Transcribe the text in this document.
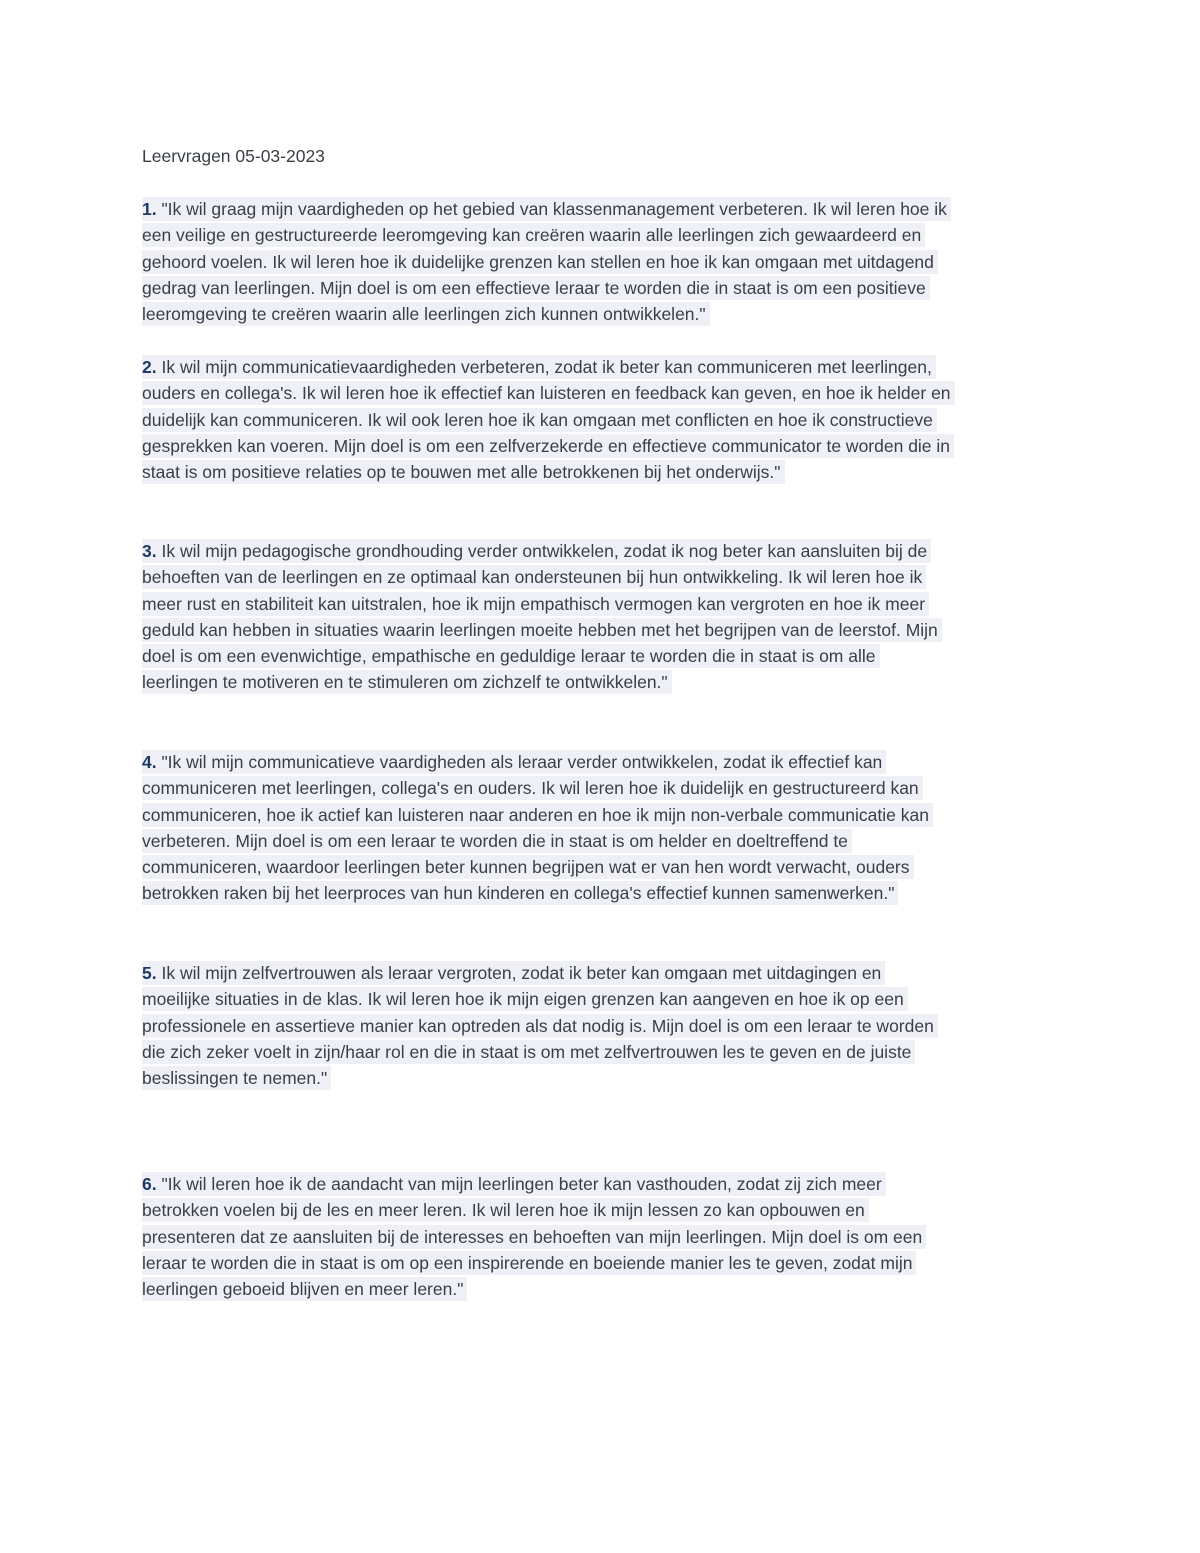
Leervragen 05-03-2023
1. "Ik wil graag mijn vaardigheden op het gebied van klassenmanagement verbeteren. Ik wil leren hoe ik
een veilige en gestructureerde leeromgeving kan creëren waarin alle leerlingen zich gewaardeerd en
gehoord voelen. Ik wil leren hoe ik duidelijke grenzen kan stellen en hoe ik kan omgaan met uitdagend
gedrag van leerlingen. Mijn doel is om een effectieve leraar te worden die in staat is om een positieve
leeromgeving te creëren waarin alle leerlingen zich kunnen ontwikkelen."
2. Ik wil mijn communicatievaardigheden verbeteren, zodat ik beter kan communiceren met leerlingen,
ouders en collega's. Ik wil leren hoe ik effectief kan luisteren en feedback kan geven, en hoe ik helder en
duidelijk kan communiceren. Ik wil ook leren hoe ik kan omgaan met conflicten en hoe ik constructieve
gesprekken kan voeren. Mijn doel is om een zelfverzekerde en effectieve communicator te worden die in
staat is om positieve relaties op te bouwen met alle betrokkenen bij het onderwijs."
3. Ik wil mijn pedagogische grondhouding verder ontwikkelen, zodat ik nog beter kan aansluiten bij de
behoeften van de leerlingen en ze optimaal kan ondersteunen bij hun ontwikkeling. Ik wil leren hoe ik
meer rust en stabiliteit kan uitstralen, hoe ik mijn empathisch vermogen kan vergroten en hoe ik meer
geduld kan hebben in situaties waarin leerlingen moeite hebben met het begrijpen van de leerstof. Mijn
doel is om een evenwichtige, empathische en geduldige leraar te worden die in staat is om alle
leerlingen te motiveren en te stimuleren om zichzelf te ontwikkelen."
4. "Ik wil mijn communicatieve vaardigheden als leraar verder ontwikkelen, zodat ik effectief kan
communiceren met leerlingen, collega's en ouders. Ik wil leren hoe ik duidelijk en gestructureerd kan
communiceren, hoe ik actief kan luisteren naar anderen en hoe ik mijn non-verbale communicatie kan
verbeteren. Mijn doel is om een leraar te worden die in staat is om helder en doeltreffend te
communiceren, waardoor leerlingen beter kunnen begrijpen wat er van hen wordt verwacht, ouders
betrokken raken bij het leerproces van hun kinderen en collega's effectief kunnen samenwerken."
5. Ik wil mijn zelfvertrouwen als leraar vergroten, zodat ik beter kan omgaan met uitdagingen en
moeilijke situaties in de klas. Ik wil leren hoe ik mijn eigen grenzen kan aangeven en hoe ik op een
professionele en assertieve manier kan optreden als dat nodig is. Mijn doel is om een leraar te worden
die zich zeker voelt in zijn/haar rol en die in staat is om met zelfvertrouwen les te geven en de juiste
beslissingen te nemen."
6. "Ik wil leren hoe ik de aandacht van mijn leerlingen beter kan vasthouden, zodat zij zich meer
betrokken voelen bij de les en meer leren. Ik wil leren hoe ik mijn lessen zo kan opbouwen en
presenteren dat ze aansluiten bij de interesses en behoeften van mijn leerlingen. Mijn doel is om een
leraar te worden die in staat is om op een inspirerende en boeiende manier les te geven, zodat mijn
leerlingen geboeid blijven en meer leren."
